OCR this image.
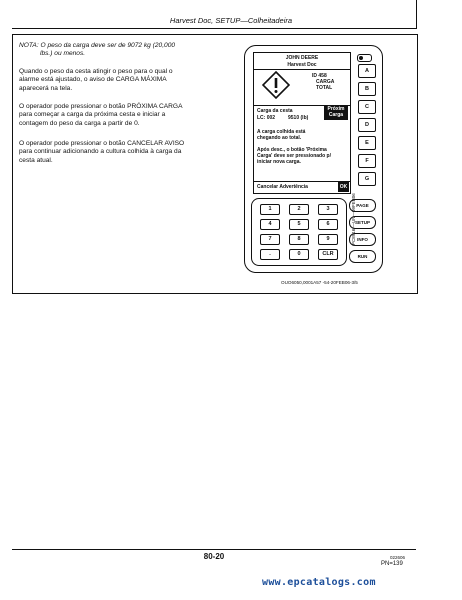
Harvest Doc, SETUP—Colheitadeira
NOTA: O peso da carga deve ser de 9072 kg (20,000
lbs.) ou menos.
Quando o peso da cesta atingir o peso para o qual o
alarme está ajustado, o aviso de CARGA MÁXIMA
aparecerá na tela.
O operador pode pressionar o botão PRÓXIMA CARGA
para começar a carga da próxima cesta e iniciar a
contagem do peso da carga a partir de 0.
O operador pode pressionar o botão CANCELAR AVISO
para continuar adicionando a cultura colhida à carga da
cesta atual.
JOHN DEERE
Harvest Doc
ID 458
CARGA
TOTAL
Carga da cesta
LC: 002	9510 (lb)
Próxim
Carga
A carga colhida está
chegando ao total.
Após desc., o botão 'Próxima
Carga' deve ser pressionado p/
iniciar nova carga.
Cancelar Advertência	OK
A
B
C
D
E
F
G
1	2	3
4	5	6
7	8	9
.	0	CLR
PAGE
SETUP
INFO
RUN
PC8916 —UN—09FEB06
OUO6050,0001A57 -54-20FEB06-3/5
80-20	022606
PN=139
www.epcatalogs.com
